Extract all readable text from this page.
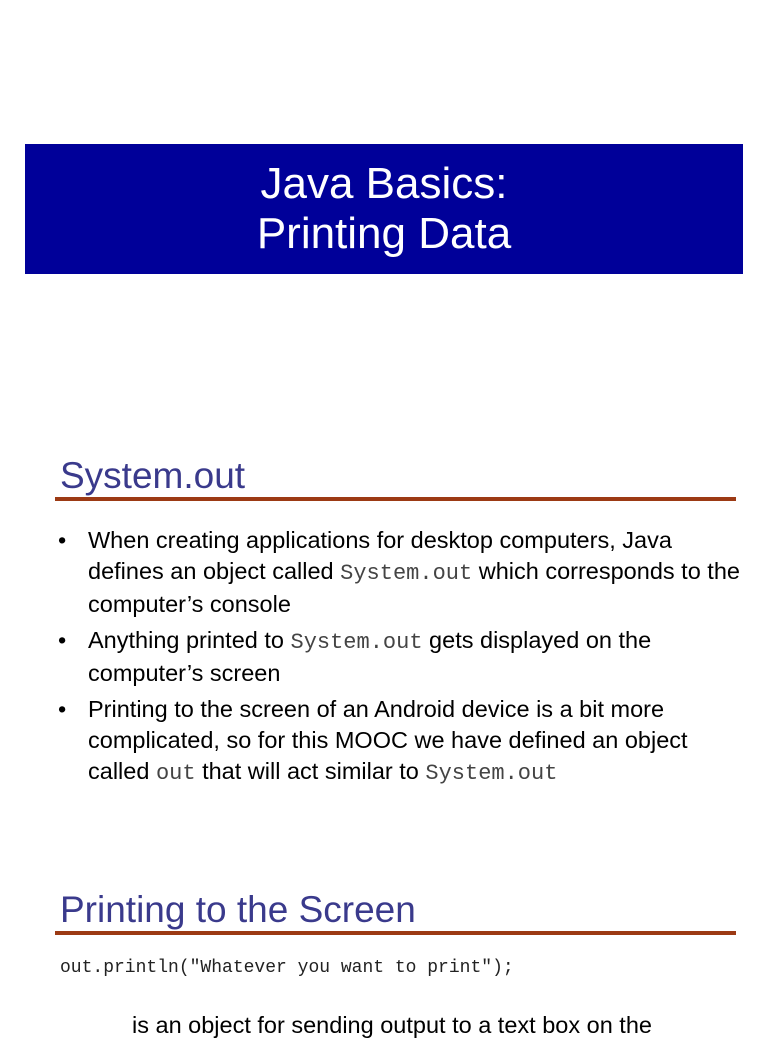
Java Basics:
Printing Data
System.out
• When creating applications for desktop computers, Java defines an object called System.out which corresponds to the computer’s console
• Anything printed to System.out gets displayed on the computer’s screen
• Printing to the screen of an Android device is a bit more complicated, so for this MOOC we have defined an object called out that will act similar to System.out
Printing to the Screen
out.println("Whatever you want to print");
is an object for sending output to a text box on the
